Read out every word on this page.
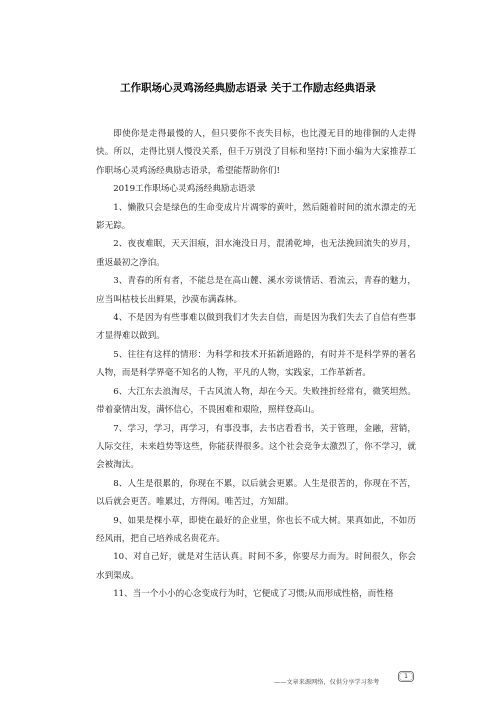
工作职场心灵鸡汤经典励志语录 关于工作励志经典语录

即使你是走得最慢的人，但只要你不丧失目标，也比漫无目的地徘徊的人走得快。所以，走得比别人慢没关系，但千万别没了目标和坚持!下面小编为大家推荐工作职场心灵鸡汤经典励志语录，希望能帮助你们!

2019工作职场心灵鸡汤经典励志语录

1、懒散只会是绿色的生命变成片片凋零的黄叶，然后随着时间的流水漂走的无影无踪。

2、夜夜难眠，天天泪痕，泪水淹没日月，混淆乾坤，也无法挽回流失的岁月，重返最初之净泊。

3、青春的所有者，不能总是在高山麓、溪水旁谈情话、看流云，青春的魅力，应当叫枯枝长出鲜果，沙漠布满森林。

4、不是因为有些事难以做到我们才失去自信，而是因为我们失去了自信有些事才显得难以做到。

5、往往有这样的情形：为科学和技术开拓新道路的，有时并不是科学界的著名人物，而是科学界毫不知名的人物，平凡的人物，实践家，工作革新者。

6、大江东去浪淘尽，千古风流人物，却在今天。失败挫折经常有，微笑坦然。带着豪情出发，满怀信心，不畏困难和艰险，照样登高山。

7、学习，学习，再学习，有事没事，去书店看看书，关于管理，金融，营销，人际交往，未来趋势等这些，你能获得很多。这个社会竞争太激烈了，你不学习，就会被淘汰。

8、人生是很累的，你现在不累，以后就会更累。人生是很苦的，你现在不苦，以后就会更苦。唯累过，方得闲。唯苦过，方知甜。

9、如果是棵小草，即使在最好的企业里，你也长不成大树。果真如此，不如历经风雨，把自己培养成名贵花卉。

10、对自己好，就是对生活认真。时间不多，你要尽力而为。时间很久，你会水到渠成。

11、当一个小小的心念变成行为时，它便成了习惯;从而形成性格，而性格

——文章来源网络，仅供分享学习参考
1
